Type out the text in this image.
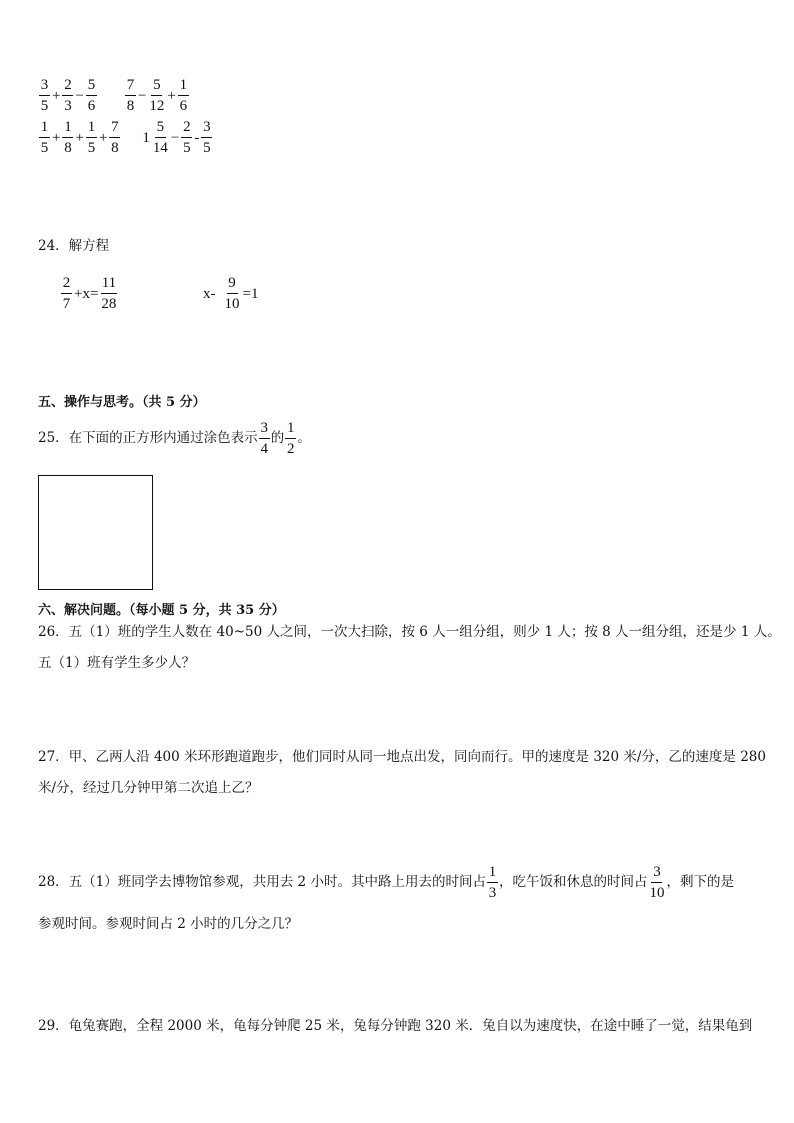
$\frac{3}{5} + \frac{2}{3} - \frac{5}{6} \frac{7}{8} - \frac{5}{12} + \frac{1}{6}$
$\frac{1}{5} + \frac{1}{8} + \frac{1}{5} + \frac{7}{8} 1 \frac{5}{14} - \frac{2}{5} - \frac{3}{5}$
24．解方程
$\frac{2}{7} +x= \frac{11}{28}$	$x- \frac{9}{10} =1$
五、操作与思考。（共 5 分）
25．在下面的正方形内通过涂色表示 $\frac{3}{4}$ 的 $\frac{1}{2}$ 。
六、解决问题。（每小题 5 分，共 35 分）
26．五（1）班的学生人数在 40~50 人之间，一次大扫除，按 6 人一组分组，则少 1 人；按 8 人一组分组，还是少 1 人。
五（1）班有学生多少人？
27．甲、乙两人沿 400 米环形跑道跑步，他们同时从同一地点出发，同向而行。甲的速度是 320 米/分，乙的速度是 280
米/分，经过几分钟甲第二次追上乙？
28．五（1）班同学去博物馆参观，共用去 2 小时。其中路上用去的时间占 $\frac{1}{3}$ ，吃午饭和休息的时间占 $\frac{3}{10}$ ，剩下的是
参观时间。参观时间占 2 小时的几分之几？
29．龟兔赛跑，全程 2000 米，龟每分钟爬 25 米，兔每分钟跑 320 米．兔自以为速度快，在途中睡了一觉，结果龟到
